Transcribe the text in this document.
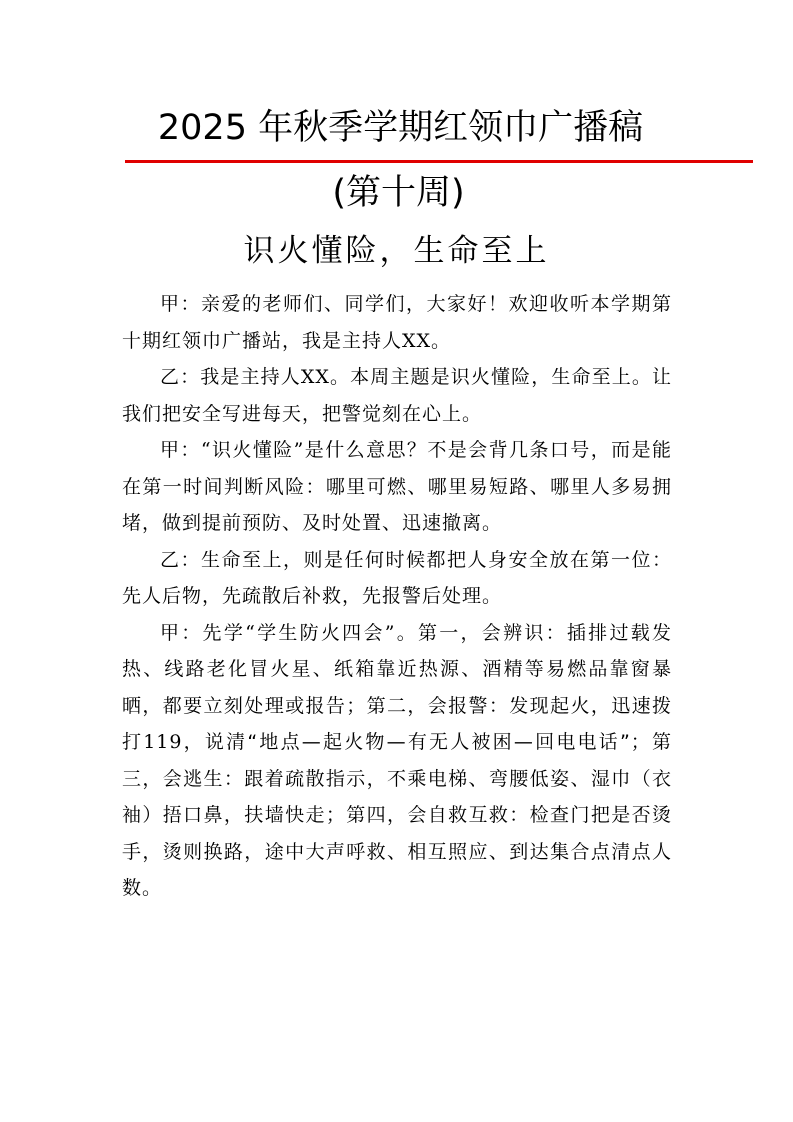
2025 年秋季学期红领巾广播稿
(第十周)
识火懂险，生命至上

甲：亲爱的老师们、同学们，大家好！欢迎收听本学期第十期红领巾广播站，我是主持人XX。

乙：我是主持人XX。本周主题是识火懂险，生命至上。让我们把安全写进每天，把警觉刻在心上。

甲：“识火懂险”是什么意思？不是会背几条口号，而是能在第一时间判断风险：哪里可燃、哪里易短路、哪里人多易拥堵，做到提前预防、及时处置、迅速撤离。

乙：生命至上，则是任何时候都把人身安全放在第一位：先人后物，先疏散后补救，先报警后处理。

甲：先学“学生防火四会”。第一，会辨识：插排过载发热、线路老化冒火星、纸箱靠近热源、酒精等易燃品靠窗暴晒，都要立刻处理或报告；第二，会报警：发现起火，迅速拨打119，说清“地点—起火物—有无人被困—回电电话”；第三，会逃生：跟着疏散指示，不乘电梯、弯腰低姿、湿巾（衣袖）捂口鼻，扶墙快走；第四，会自救互救：检查门把是否烫手，烫则换路，途中大声呼救、相互照应、到达集合点清点人数。
